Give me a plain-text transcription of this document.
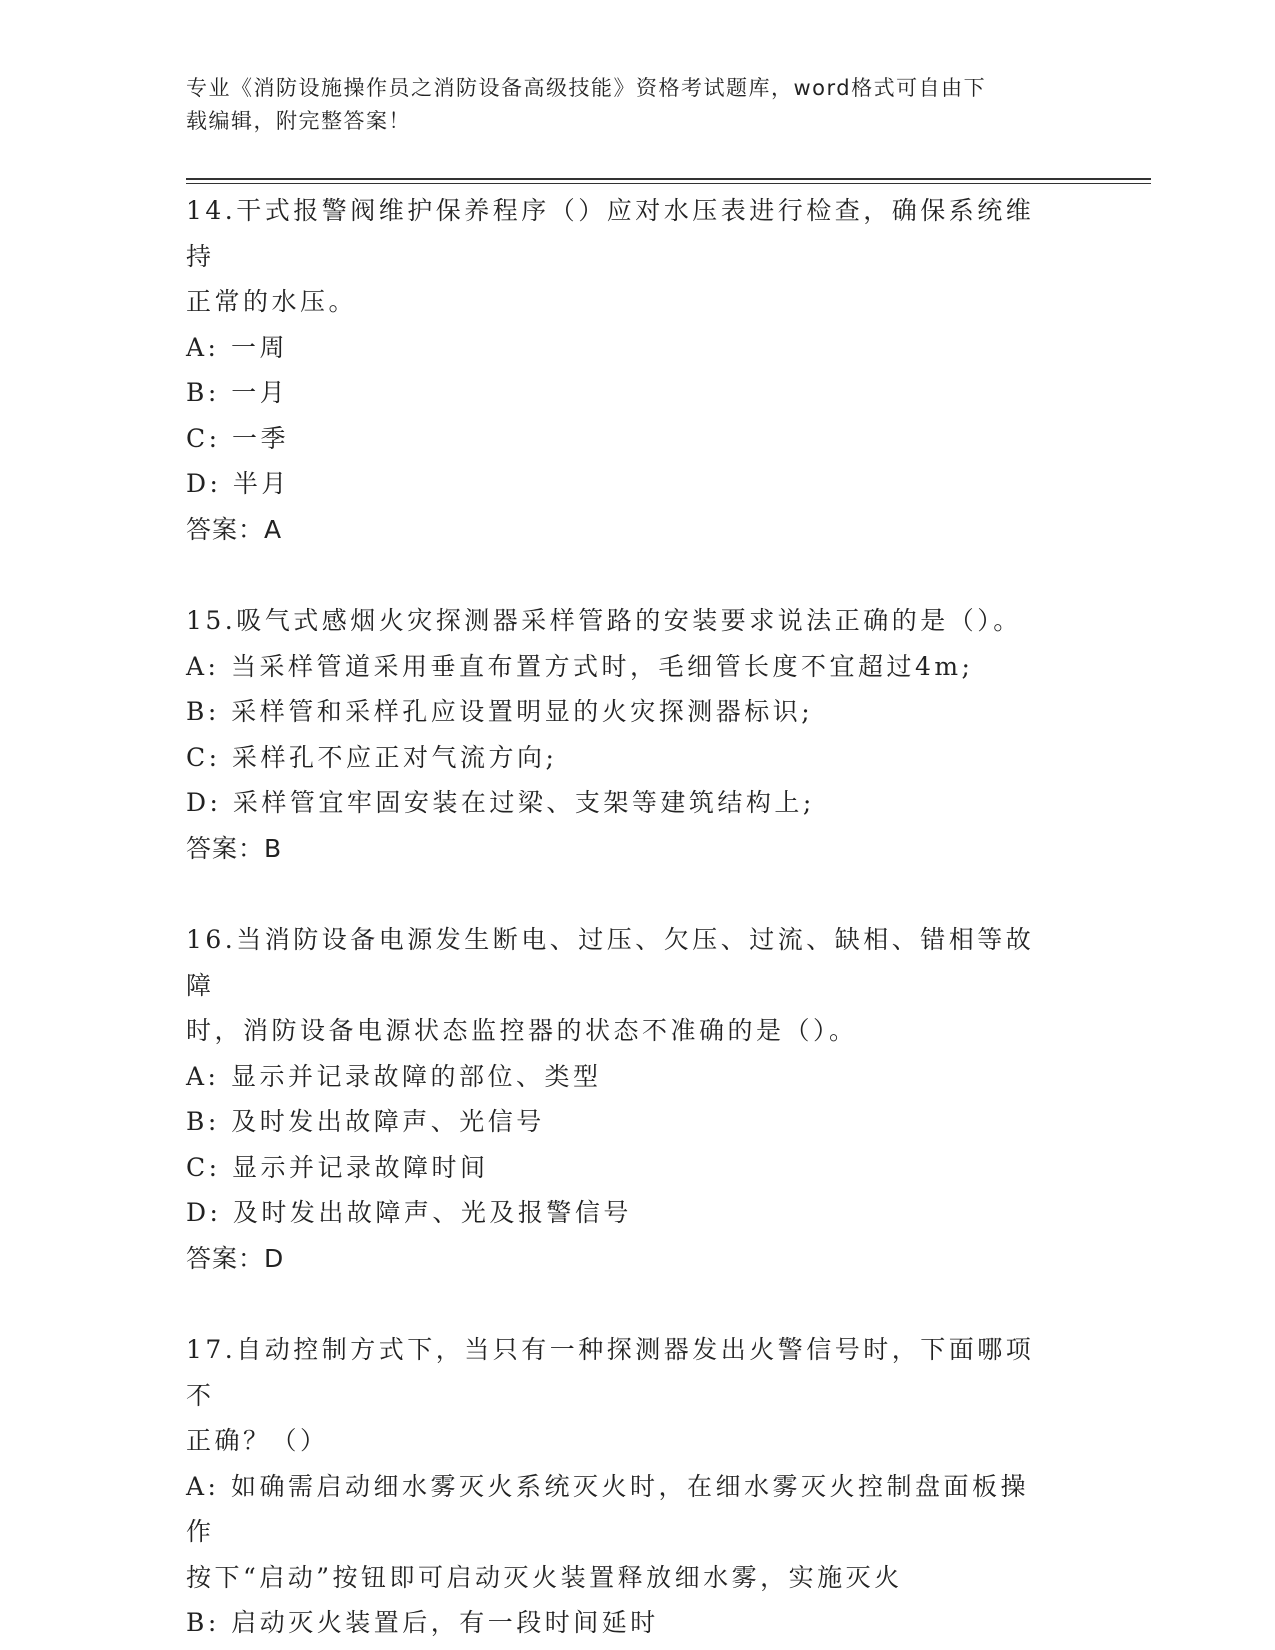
专业《消防设施操作员之消防设备高级技能》资格考试题库，word格式可自由下
载编辑，附完整答案！
14.干式报警阀维护保养程序（）应对水压表进行检查，确保系统维持
正常的水压。
A: 一周
B: 一月
C: 一季
D: 半月
答案：A
15.吸气式感烟火灾探测器采样管路的安装要求说法正确的是（）。
A: 当采样管道采用垂直布置方式时，毛细管长度不宜超过4m;
B: 采样管和采样孔应设置明显的火灾探测器标识;
C: 采样孔不应正对气流方向;
D: 采样管宜牢固安装在过梁、支架等建筑结构上;
答案：B
16.当消防设备电源发生断电、过压、欠压、过流、缺相、错相等故障
时，消防设备电源状态监控器的状态不准确的是（）。
A: 显示并记录故障的部位、类型
B: 及时发出故障声、光信号
C: 显示并记录故障时间
D: 及时发出故障声、光及报警信号
答案：D
17.自动控制方式下，当只有一种探测器发出火警信号时，下面哪项不
正确？（）
A: 如确需启动细水雾灭火系统灭火时，在细水雾灭火控制盘面板操作
按下“启动”按钮即可启动灭火装置释放细水雾，实施灭火
B: 启动灭火装置后，有一段时间延时
